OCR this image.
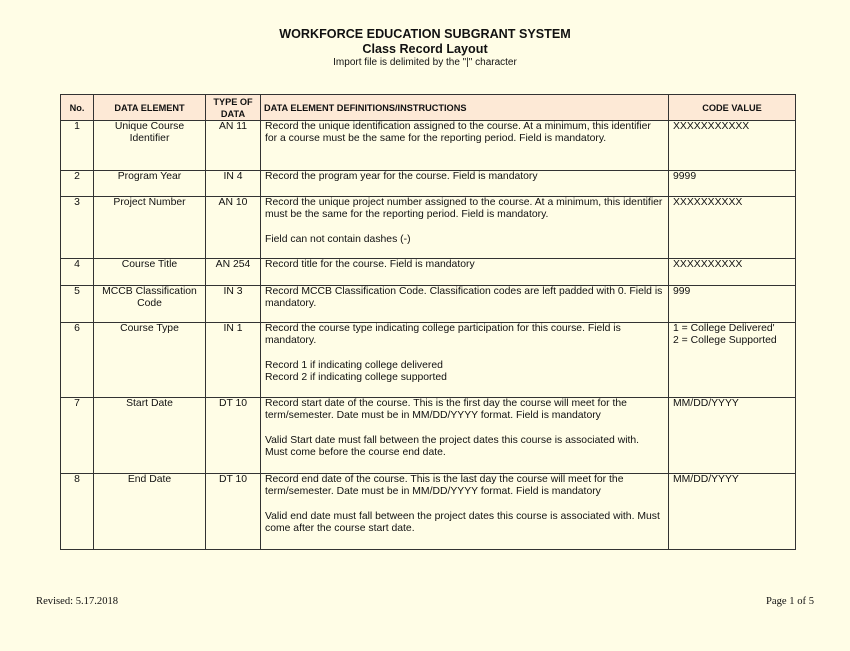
WORKFORCE EDUCATION SUBGRANT SYSTEM
Class Record Layout
Import file is delimited by the "|" character
No.	DATA ELEMENT	TYPE OF DATA	DATA ELEMENT DEFINITIONS/INSTRUCTIONS	CODE VALUE
1	Unique Course Identifier	AN 11	Record the unique identification assigned to the course. At a minimum, this identifier for a course must be the same for the reporting period. Field is mandatory.	XXXXXXXXXXX

2	Program Year	IN 4	Record the program year for the course. Field is mandatory	9999

3	Project Number	AN 10	Record the unique project number assigned to the course. At a minimum, this identifier must be the same for the reporting period. Field is mandatory.
Field can not contain dashes (-)	XXXXXXXXXX

4	Course Title	AN 254	Record title for the course. Field is mandatory	XXXXXXXXXX

5	MCCB Classification Code	IN 3	Record MCCB Classification Code. Classification codes are left padded with 0. Field is mandatory.	999

6	Course Type	IN 1	Record the course type indicating college participation for this course. Field is mandatory.
Record 1 if indicating college delivered
Record 2 if indicating college supported	1 = College Delivered'
2 = College Supported

7	Start Date	DT 10	Record start date of the course. This is the first day the course will meet for the term/semester. Date must be in MM/DD/YYYY format. Field is mandatory
Valid Start date must fall between the project dates this course is associated with. Must come before the course end date.	MM/DD/YYYY

8	End Date	DT 10	Record end date of the course. This is the last day the course will meet for the term/semester. Date must be in MM/DD/YYYY format. Field is mandatory
Valid end date must fall between the project dates this course is associated with. Must come after the course start date.	MM/DD/YYYY
Revised: 5.17.2018	Page 1 of 5
